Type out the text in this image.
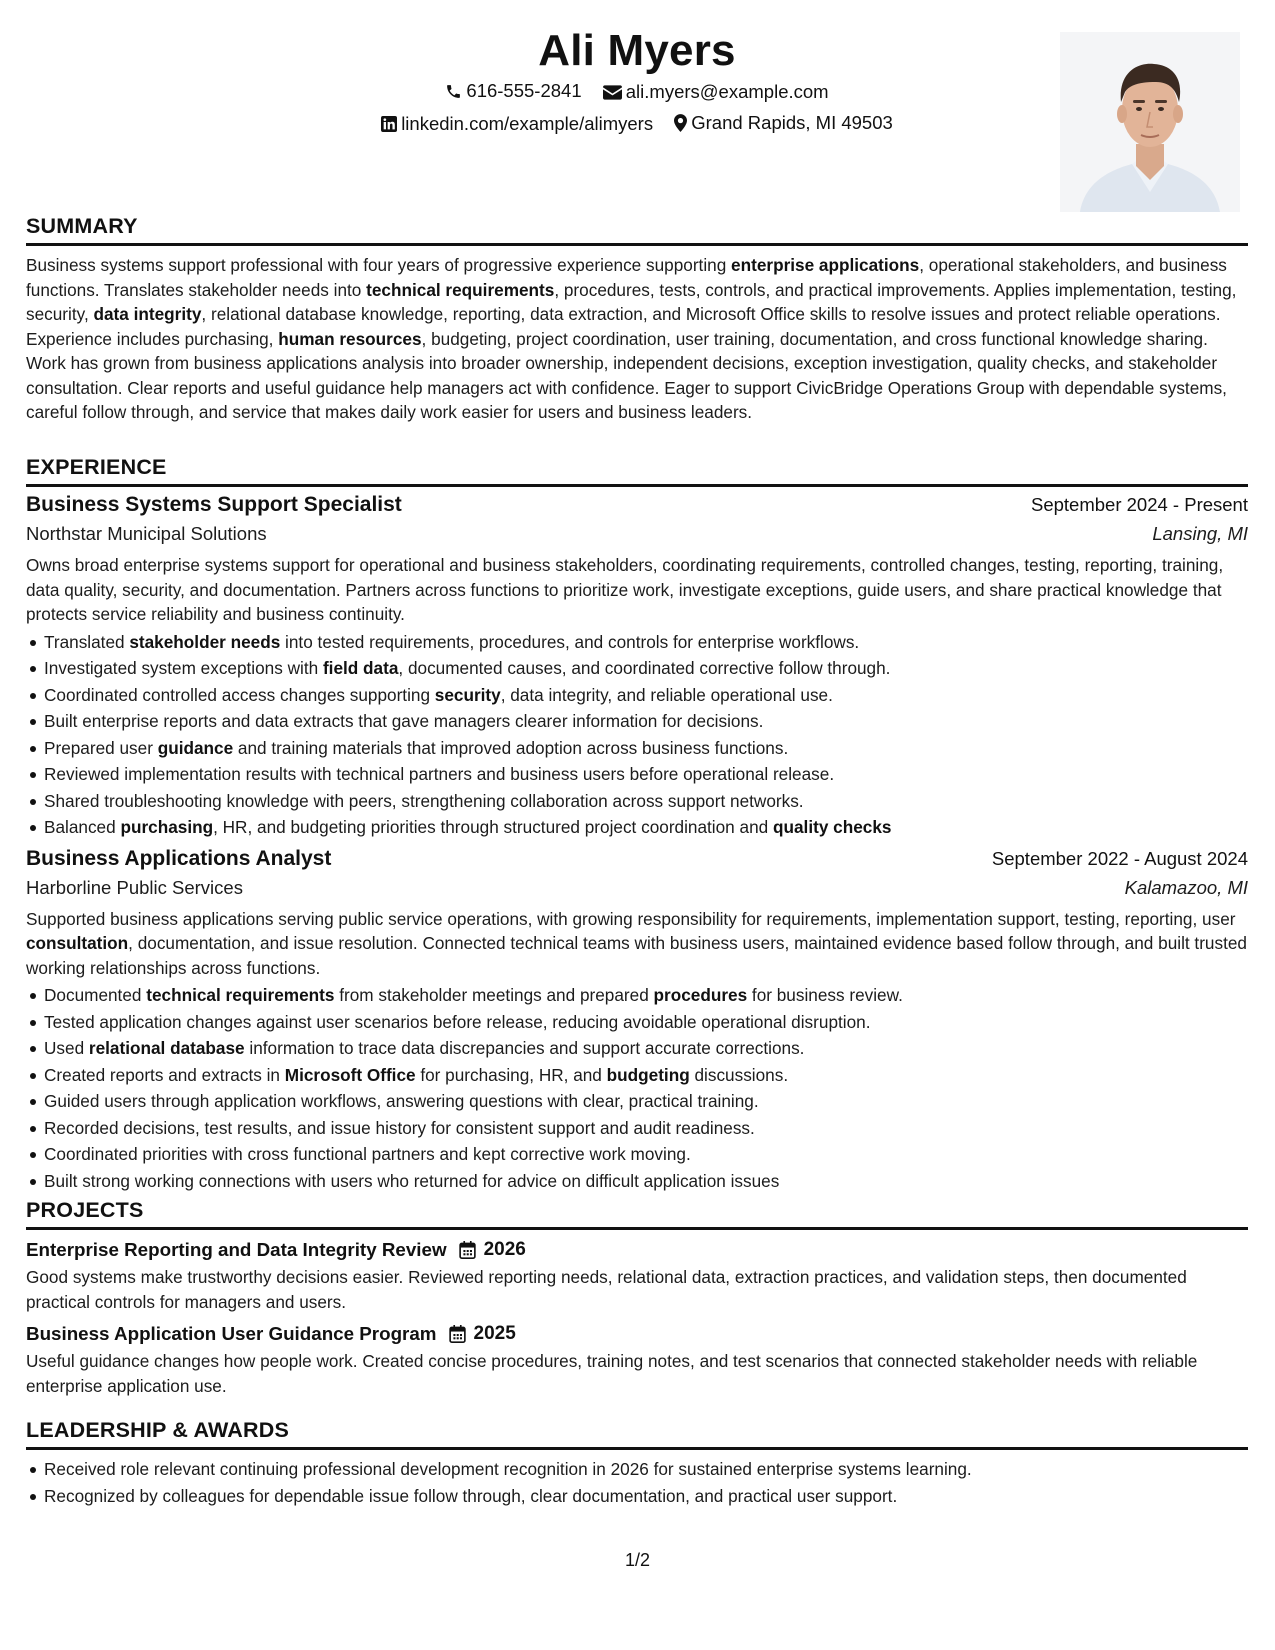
Ali Myers
616-555-2841
ali.myers@example.com
linkedin.com/example/alimyers
Grand Rapids, MI 49503
SUMMARY

Business systems support professional with four years of progressive experience supporting enterprise applications, operational stakeholders, and business functions. Translates stakeholder needs into technical requirements, procedures, tests, controls, and practical improvements. Applies implementation, testing, security, data integrity, relational database knowledge, reporting, data extraction, and Microsoft Office skills to resolve issues and protect reliable operations. Experience includes purchasing, human resources, budgeting, project coordination, user training, documentation, and cross functional knowledge sharing. Work has grown from business applications analysis into broader ownership, independent decisions, exception investigation, quality checks, and stakeholder consultation. Clear reports and useful guidance help managers act with confidence. Eager to support CivicBridge Operations Group with dependable systems, careful follow through, and service that makes daily work easier for users and business leaders.

EXPERIENCE
Business Systems Support Specialist	September 2024 - Present
Northstar Municipal Solutions	Lansing, MI

Owns broad enterprise systems support for operational and business stakeholders, coordinating requirements, controlled changes, testing, reporting, training, data quality, security, and documentation. Partners across functions to prioritize work, investigate exceptions, guide users, and share practical knowledge that protects service reliability and business continuity.

Translated stakeholder needs into tested requirements, procedures, and controls for enterprise workflows.
Investigated system exceptions with field data, documented causes, and coordinated corrective follow through.
Coordinated controlled access changes supporting security, data integrity, and reliable operational use.
Built enterprise reports and data extracts that gave managers clearer information for decisions.
Prepared user guidance and training materials that improved adoption across business functions.
Reviewed implementation results with technical partners and business users before operational release.
Shared troubleshooting knowledge with peers, strengthening collaboration across support networks.
Balanced purchasing, HR, and budgeting priorities through structured project coordination and quality checks
Business Applications Analyst	September 2022 - August 2024
Harborline Public Services	Kalamazoo, MI

Supported business applications serving public service operations, with growing responsibility for requirements, implementation support, testing, reporting, user consultation, documentation, and issue resolution. Connected technical teams with business users, maintained evidence based follow through, and built trusted working relationships across functions.

Documented technical requirements from stakeholder meetings and prepared procedures for business review.
Tested application changes against user scenarios before release, reducing avoidable operational disruption.
Used relational database information to trace data discrepancies and support accurate corrections.
Created reports and extracts in Microsoft Office for purchasing, HR, and budgeting discussions.
Guided users through application workflows, answering questions with clear, practical training.
Recorded decisions, test results, and issue history for consistent support and audit readiness.
Coordinated priorities with cross functional partners and kept corrective work moving.
Built strong working connections with users who returned for advice on difficult application issues
PROJECTS
Enterprise Reporting and Data Integrity Review 2026

Good systems make trustworthy decisions easier. Reviewed reporting needs, relational data, extraction practices, and validation steps, then documented practical controls for managers and users.

Business Application User Guidance Program 2025

Useful guidance changes how people work. Created concise procedures, training notes, and test scenarios that connected stakeholder needs with reliable enterprise application use.

LEADERSHIP & AWARDS
Received role relevant continuing professional development recognition in 2026 for sustained enterprise systems learning.
Recognized by colleagues for dependable issue follow through, clear documentation, and practical user support.
1/2
